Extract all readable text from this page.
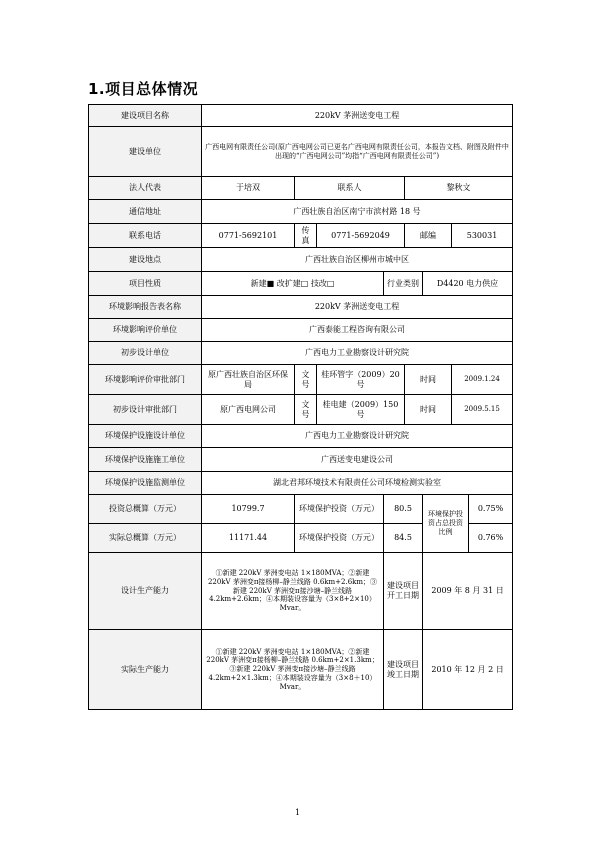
1.项目总体情况
建设项目名称	220kV 茅洲送变电工程							
建设单位	广西电网有限责任公司(原广西电网公司已更名广西电网有限责任公司，本报告文档、附图及附件中出现的“广西电网公司”均指“广西电网有限责任公司”)							
法人代表	于培双	联系人			黎秋文			
通信地址	广西壮族自治区南宁市滨村路 18 号							
联系电话	0771-5692101	传真	0771-5692049		邮编		530031	
建设地点	广西壮族自治区柳州市城中区							
项目性质	新建■ 改扩建□ 技改□			行业类别		D4420 电力供应		
环境影响报告表名称	220kV 茅洲送变电工程							
环境影响评价单位	广西泰能工程咨询有限公司							
初步设计单位	广西电力工业勘察设计研究院							
环境影响评价审批部门	原广西壮族自治区环保局	文号	桂环管字（2009）20 号		时间		2009.1.24	
初步设计审批部门	原广西电网公司	文号	桂电建（2009）150 号		时间		2009.5.15	
环境保护设施设计单位	广西电力工业勘察设计研究院							
环境保护设施施工单位	广西送变电建设公司							
环境保护设施监测单位	湖北君邦环境技术有限责任公司环境检测实验室							
投资总概算（万元）	10799.7	环境保护投资（万元）		80.5		环境保护投资占总投资比例		0.75%
实际总概算（万元）	11171.44	环境保护投资（万元）		84.5				0.76%
设计生产能力	①新建 220kV 茅洲变电站 1×180MVA；②新建220kV 茅洲变π接杨柳–静兰线路 0.6km+2.6km；③新建 220kV 茅洲变π接沙塘–静兰线路 4.2km+2.6km；④本期装设容量为（3×8+2×10）Mvar。			建设项目开工日期		2009 年 8 月 31 日		
实际生产能力	①新建 220kV 茅洲变电站 1×180MVA；②新建220kV 茅洲变π接杨柳–静兰线路 0.6km+2×1.3km；③新建 220kV 茅洲变π接沙塘–静兰线路 4.2km+2×1.3km；④本期装设容量为（3×8＋10）Mvar。			建设项目竣工日期		2010 年 12 月 2 日		
1
